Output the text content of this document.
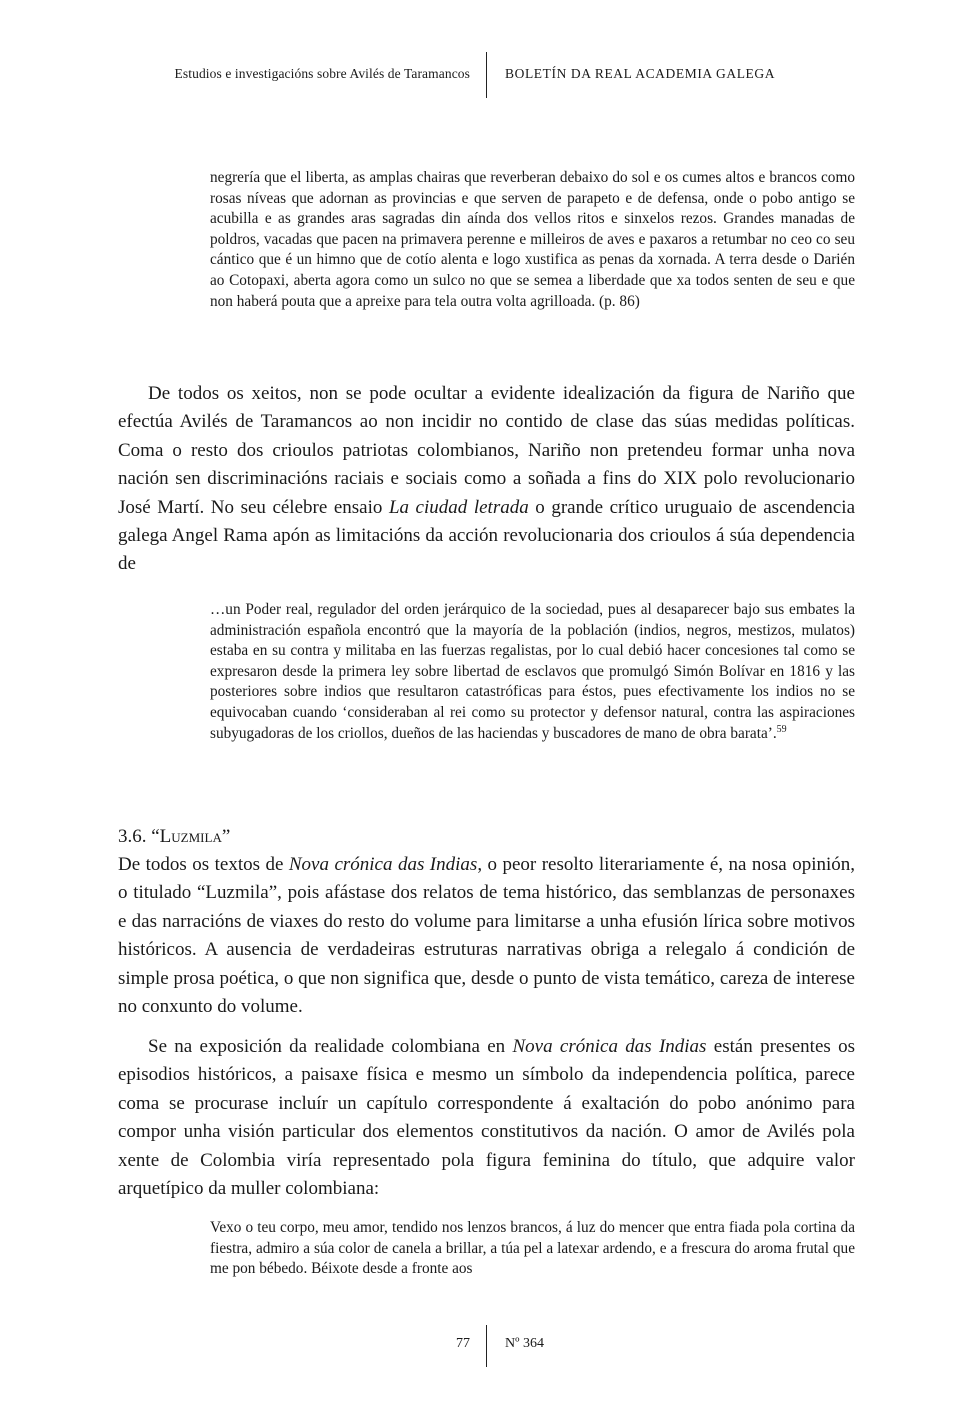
Estudios e investigacións sobre Avilés de Taramancos	BOLETÍN DA REAL ACADEMIA GALEGA

negrería que el liberta, as amplas chairas que reverberan debaixo do sol e os cumes altos e brancos como rosas níveas que adornan as provincias e que serven de parapeto e de defensa, onde o pobo antigo se acubilla e as grandes aras sagradas din aínda dos vellos ritos e sinxelos rezos. Grandes manadas de poldros, vacadas que pacen na primavera perenne e milleiros de aves e paxaros a retumbar no ceo co seu cántico que é un himno que de cotío alenta e logo xustifica as penas da xornada. A terra desde o Darién ao Cotopaxi, aberta agora como un sulco no que se semea a liberdade que xa todos senten de seu e que non haberá pouta que a apreixe para tela outra volta agrilloada. (p. 86)

De todos os xeitos, non se pode ocultar a evidente idealización da figura de Nariño que efectúa Avilés de Taramancos ao non incidir no contido de clase das súas medidas políticas. Coma o resto dos crioulos patriotas colombianos, Nariño non pretendeu formar unha nova nación sen discriminacións raciais e sociais como a soñada a fins do XIX polo revolucionario José Martí. No seu célebre ensaio La ciudad letrada o grande crítico uruguaio de ascendencia galega Angel Rama apón as limitacións da acción revolucionaria dos crioulos á súa dependencia de

…un Poder real, regulador del orden jerárquico de la sociedad, pues al desaparecer bajo sus embates la administración española encontró que la mayoría de la población (indios, negros, mestizos, mulatos) estaba en su contra y militaba en las fuerzas regalistas, por lo cual debió hacer concesiones tal como se expresaron desde la primera ley sobre libertad de esclavos que promulgó Simón Bolívar en 1816 y las posteriores sobre indios que resultaron catastróficas para éstos, pues efectivamente los indios no se equivocaban cuando ‘consideraban al rei como su protector y defensor natural, contra las aspiraciones subyugadoras de los criollos, dueños de las haciendas y buscadores de mano de obra barata’.$^{59}$

3.6. “Luzmila”

De todos os textos de Nova crónica das Indias, o peor resolto literariamente é, na nosa opinión, o titulado “Luzmila”, pois afástase dos relatos de tema histórico, das semblanzas de personaxes e das narracións de viaxes do resto do volume para limitarse a unha efusión lírica sobre motivos históricos. A ausencia de verdadeiras estruturas narrativas obriga a relegalo á condición de simple prosa poética, o que non significa que, desde o punto de vista temático, careza de interese no conxunto do volume.

Se na exposición da realidade colombiana en Nova crónica das Indias están presentes os episodios históricos, a paisaxe física e mesmo un símbolo da independencia política, parece coma se procurase incluír un capítulo correspondente á exaltación do pobo anónimo para compor unha visión particular dos elementos constitutivos da nación. O amor de Avilés pola xente de Colombia viría representado pola figura feminina do título, que adquire valor arquetípico da muller colombiana:

Vexo o teu corpo, meu amor, tendido nos lenzos brancos, á luz do mencer que entra fiada pola cortina da fiestra, admiro a súa color de canela a brillar, a túa pel a latexar ardendo, e a frescura do aroma frutal que me pon bébedo. Béixote desde a fronte aos

77	Nº 364
